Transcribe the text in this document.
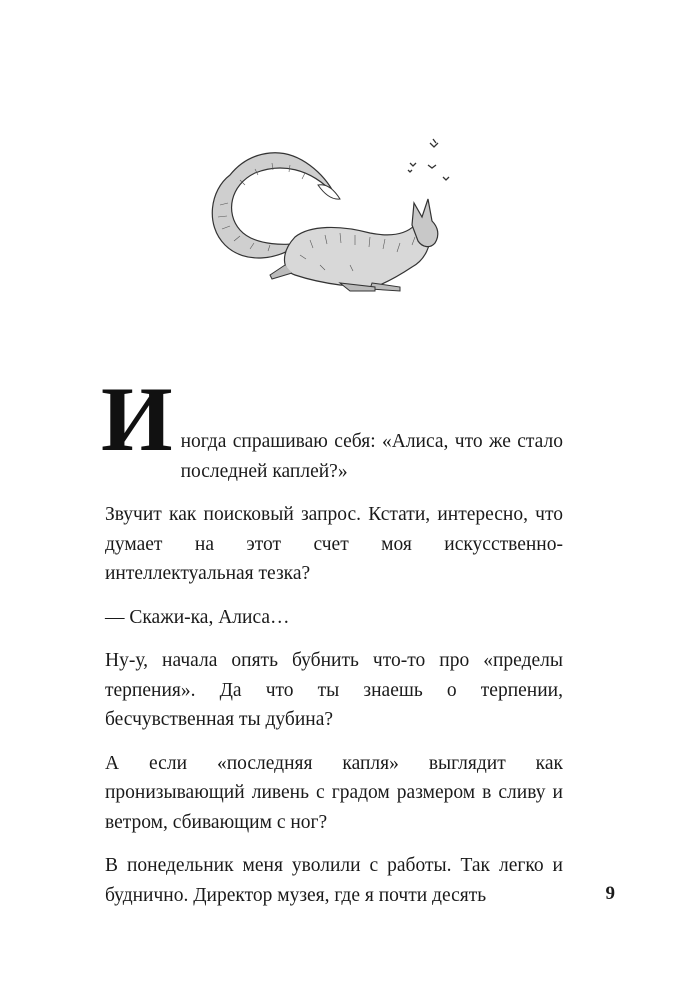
И ногда спрашиваю себя: «Алиса, что же стало последней каплей?»

Звучит как поисковый запрос. Кстати, интересно, что думает на этот счет моя искусственно-интеллектуальная тезка?

— Скажи-ка, Алиса…

Ну-у, начала опять бубнить что-то про «пределы терпения». Да что ты знаешь о терпении, бесчувственная ты дубина?

А если «последняя капля» выглядит как пронизывающий ливень с градом размером в сливу и ветром, сбивающим с ног?

В понедельник меня уволили с работы. Так легко и буднично. Директор музея, где я почти десять	9
